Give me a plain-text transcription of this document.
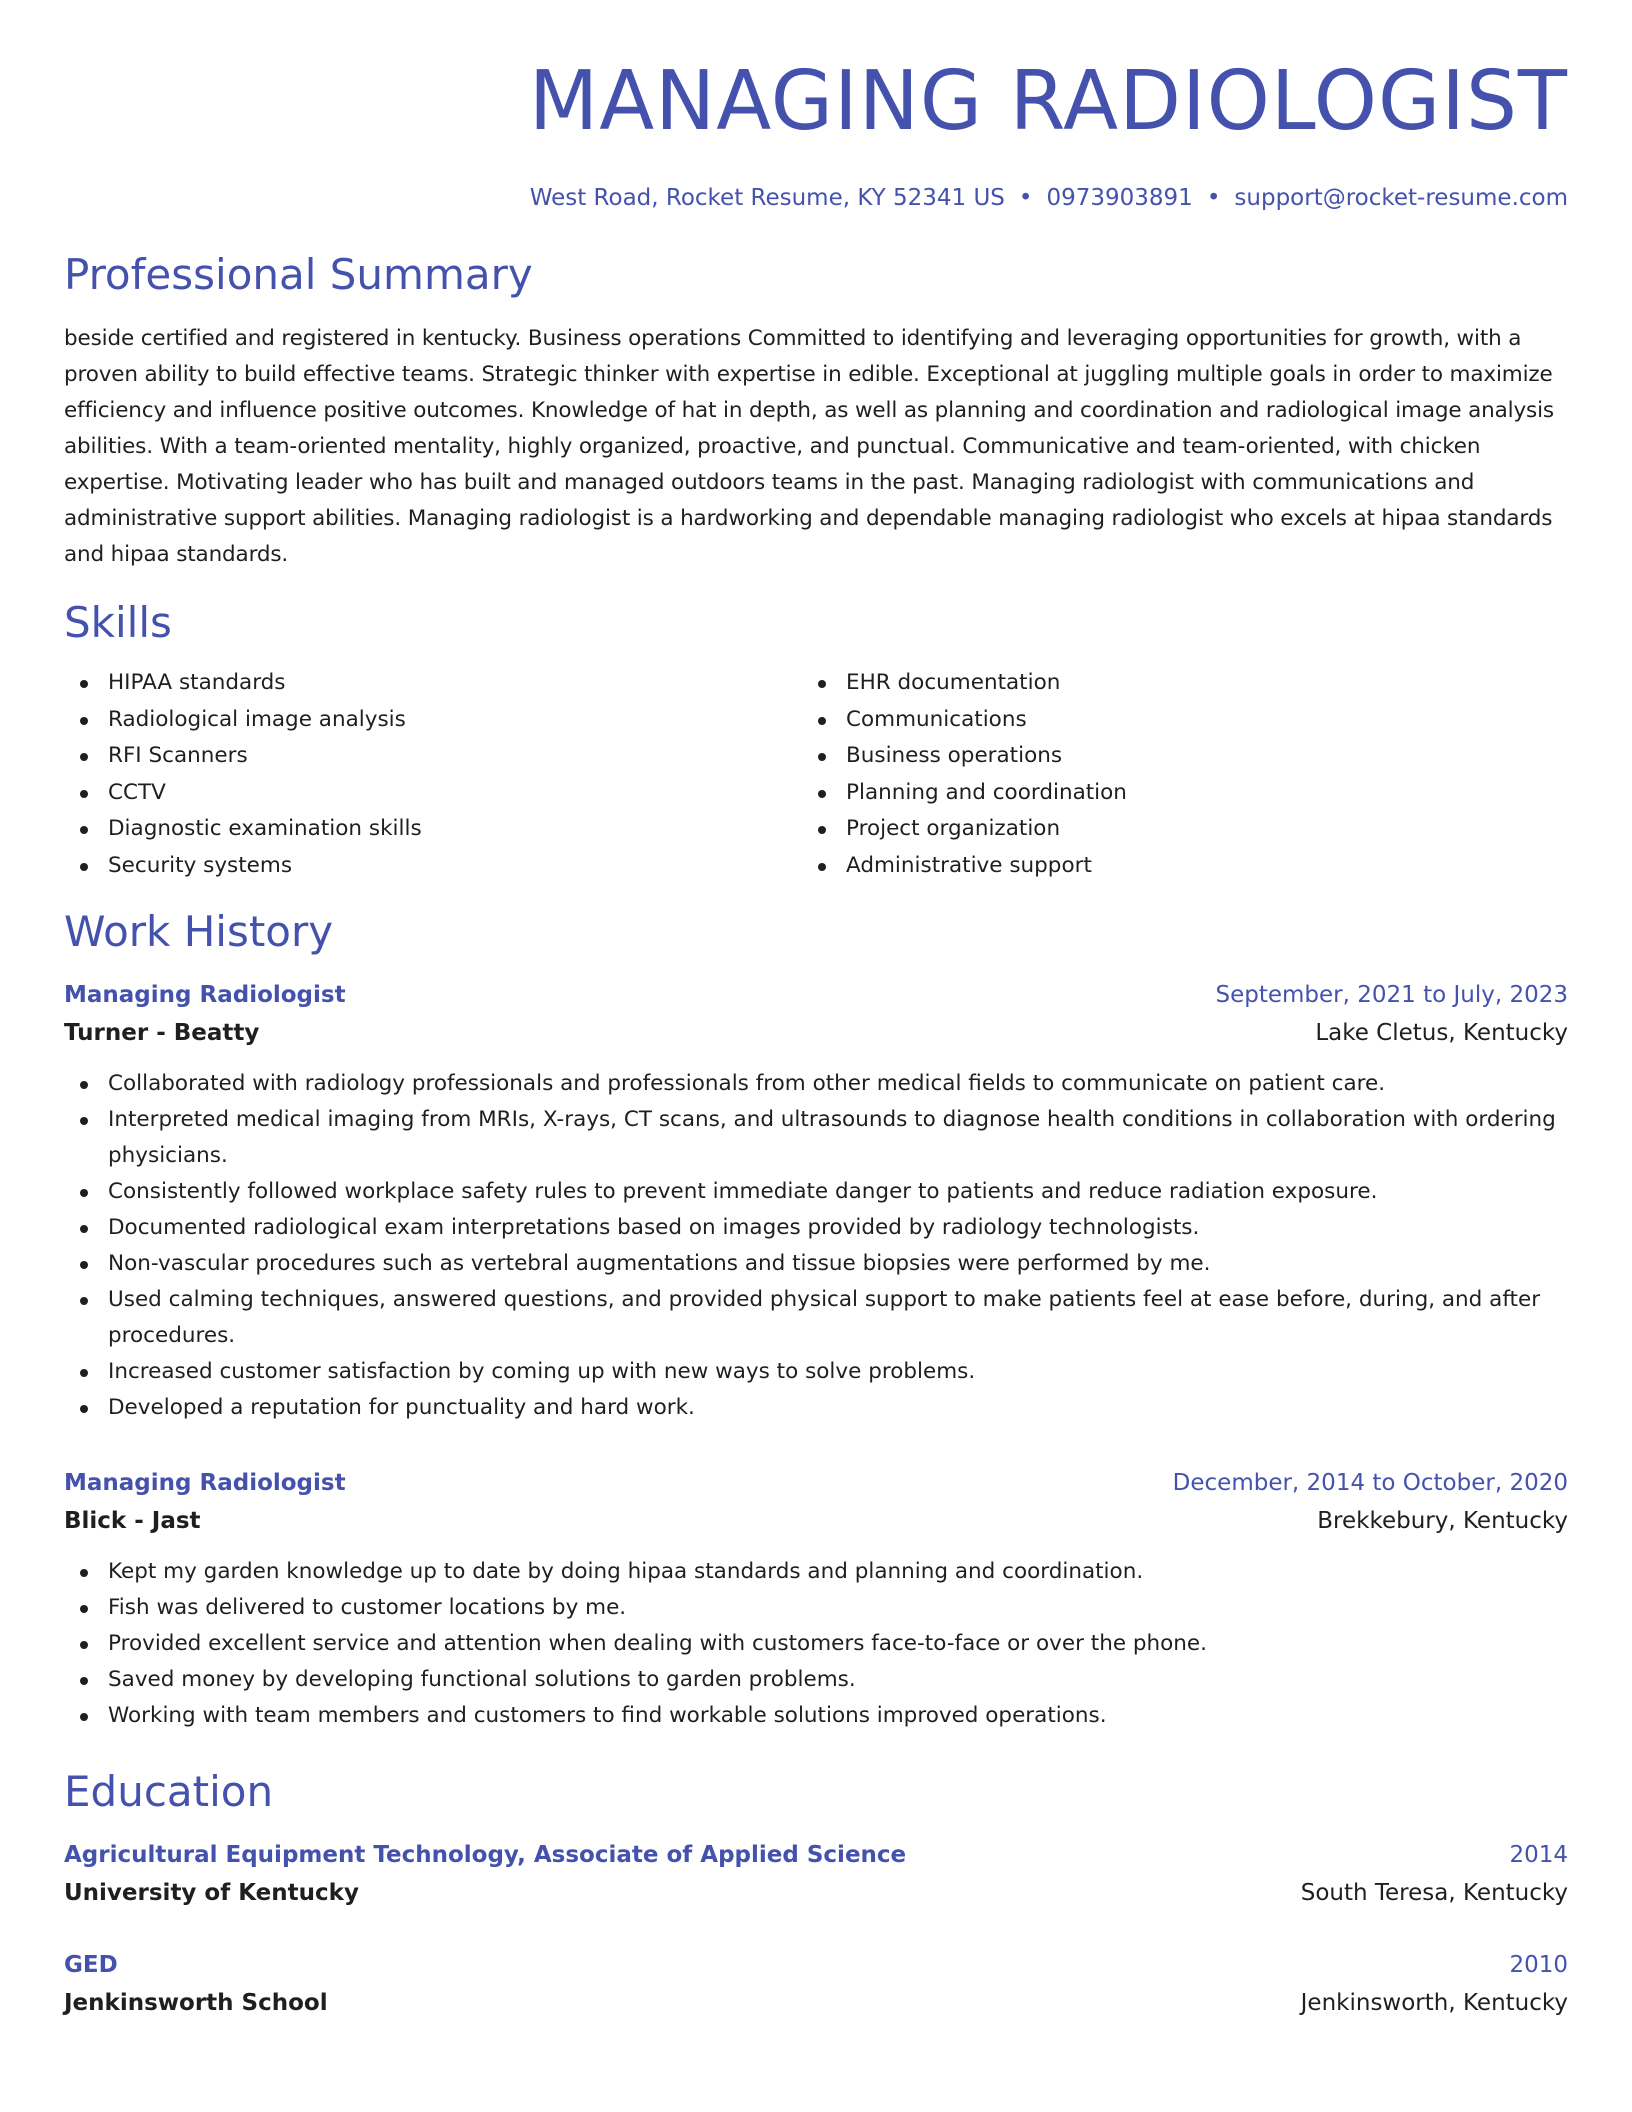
MANAGING RADIOLOGIST
West Road, Rocket Resume, KY 52341 US • 0973903891 • support@rocket-resume.com
Professional Summary

beside certified and registered in kentucky. Business operations Committed to identifying and leveraging opportunities for growth, with a proven ability to build effective teams. Strategic thinker with expertise in edible. Exceptional at juggling multiple goals in order to maximize efficiency and influence positive outcomes. Knowledge of hat in depth, as well as planning and coordination and radiological image analysis abilities. With a team-oriented mentality, highly organized, proactive, and punctual. Communicative and team-oriented, with chicken expertise. Motivating leader who has built and managed outdoors teams in the past. Managing radiologist with communications and administrative support abilities. Managing radiologist is a hardworking and dependable managing radiologist who excels at hipaa standards and hipaa standards.

Skills
HIPAA standards
Radiological image analysis
RFI Scanners
CCTV
Diagnostic examination skills
Security systems
EHR documentation
Communications
Business operations
Planning and coordination
Project organization
Administrative support
Work History
Managing Radiologist	September, 2021 to July, 2023
Turner - Beatty	Lake Cletus, Kentucky
Collaborated with radiology professionals and professionals from other medical fields to communicate on patient care.
Interpreted medical imaging from MRIs, X-rays, CT scans, and ultrasounds to diagnose health conditions in collaboration with ordering physicians.
Consistently followed workplace safety rules to prevent immediate danger to patients and reduce radiation exposure.
Documented radiological exam interpretations based on images provided by radiology technologists.
Non-vascular procedures such as vertebral augmentations and tissue biopsies were performed by me.
Used calming techniques, answered questions, and provided physical support to make patients feel at ease before, during, and after procedures.
Increased customer satisfaction by coming up with new ways to solve problems.
Developed a reputation for punctuality and hard work.
Managing Radiologist	December, 2014 to October, 2020
Blick - Jast	Brekkebury, Kentucky
Kept my garden knowledge up to date by doing hipaa standards and planning and coordination.
Fish was delivered to customer locations by me.
Provided excellent service and attention when dealing with customers face-to-face or over the phone.
Saved money by developing functional solutions to garden problems.
Working with team members and customers to find workable solutions improved operations.
Education
Agricultural Equipment Technology, Associate of Applied Science	2014
University of Kentucky	South Teresa, Kentucky
GED	2010
Jenkinsworth School	Jenkinsworth, Kentucky
